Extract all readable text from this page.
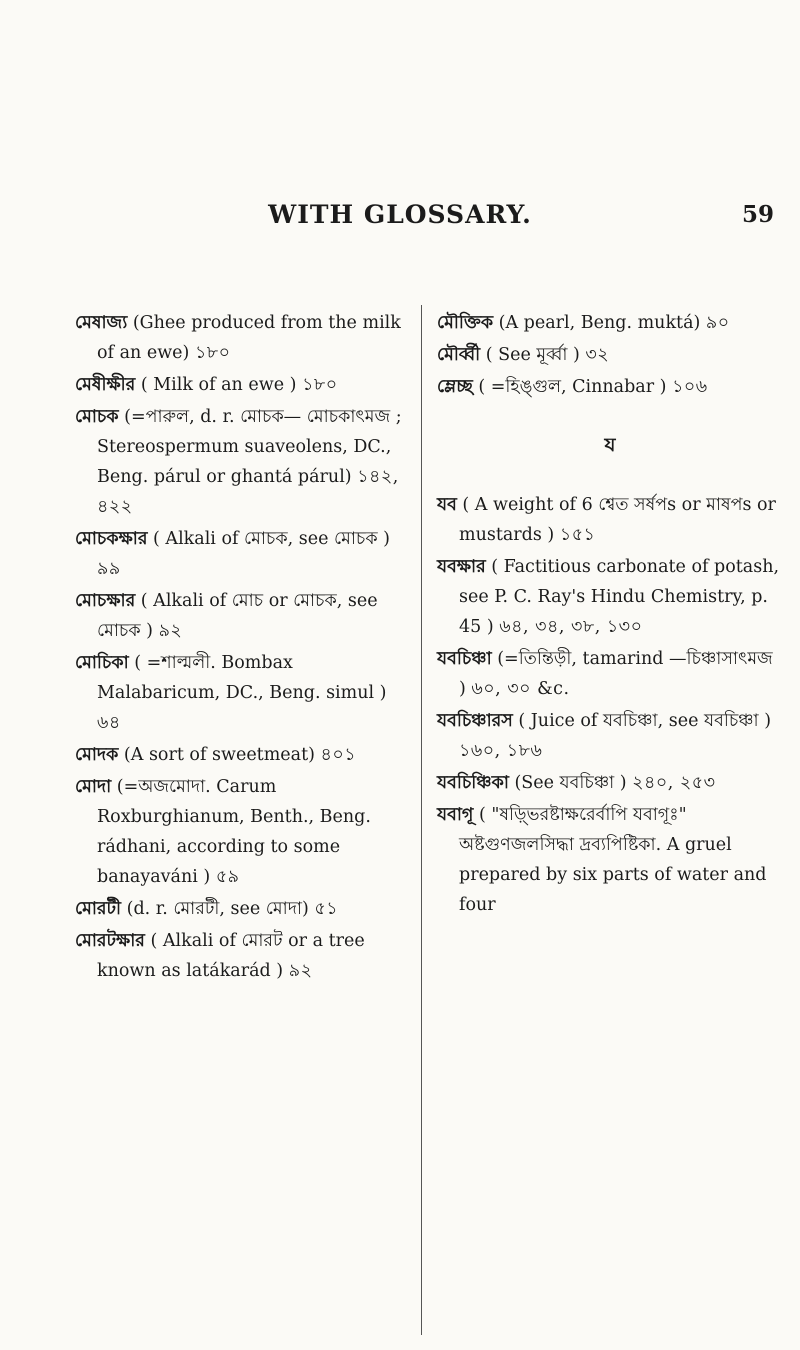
WITH GLOSSARY.	59

মেষাজ্য (Ghee produced from the milk of an ewe) ১৮০

মেষীক্ষীর ( Milk of an ewe ) ১৮০

মোচক (=পারুল, d. r. মোচক— মোচকাৎমজ ; Stereospermum suaveolens, DC., Beng. párul or ghantá párul) ১৪২, ৪২২

মোচকক্ষার ( Alkali of মোচক, see মোচক ) ৯৯

মোচক্ষার ( Alkali of মোচ or মোচক, see মোচক ) ৯২

মোচিকা ( =শাল্মলী. Bombax Malabaricum, DC., Beng. simul ) ৬৪

মোদক (A sort of sweetmeat) ৪০১

মোদা (=অজমোদা. Carum Roxburghianum, Benth., Beng. rádhani, according to some banayaváni ) ৫৯

মোরটী (d. r. মোরটী, see মোদা) ৫১

মোরটক্ষার ( Alkali of মোরট or a tree known as latákarád ) ৯২

মৌক্তিক (A pearl, Beng. muktá) ৯০

মৌর্ব্বী ( See মূর্ব্বা ) ৩২

ম্লেচ্ছ ( =হিঙ্গুল, Cinnabar ) ১০৬

য

যব ( A weight of 6 শ্বেত সর্ষপs or মাষপs or mustards ) ১৫১

যবক্ষার ( Factitious carbonate of potash, see P. C. Ray's Hindu Chemistry, p. 45 ) ৬৪, ৩৪, ৩৮, ১৩০

যবচিঞ্চা (=তিন্তিড়ী, tamarind —চিঞ্চাসাৎমজ ) ৬০, ৩০ &c.

যবচিঞ্চারস ( Juice of যবচিঞ্চা, see যবচিঞ্চা ) ১৬০, ১৮৬

যবচিঞ্চিকা (See যবচিঞ্চা ) ২৪০, ২৫৩

যবাগূ ( "ষড়্ভিরষ্টাক্ষরের্বাপি যবাগূঃ" অষ্টগুণজলসিদ্ধা দ্রব্যপিষ্টিকা. A gruel prepared by six parts of water and four
